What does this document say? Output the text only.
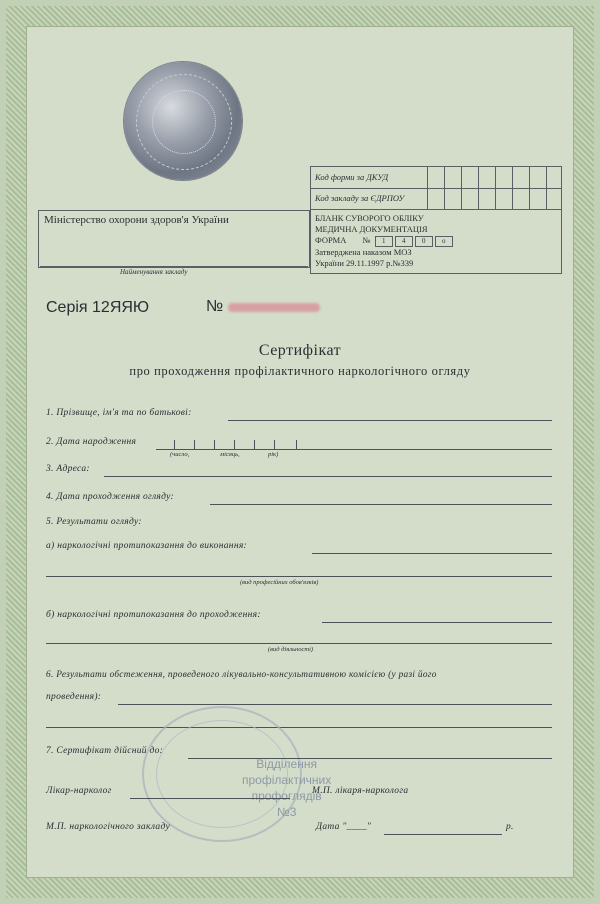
Код форми за ДКУД
Код закладу за ЄДРПОУ
БЛАНК СУВОРОГО ОБЛІКУ
МЕДИЧНА ДОКУМЕНТАЦІЯ
ФОРМА № 1 4 0 о
Затверджена наказом МОЗ
України 29.11.1997 р.№339
Міністерство охорони здоров'я України
Найменування закладу
Серія 12ЯЯЮ	№
Сертифікат
про проходження профілактичного наркологічного огляду
1. Прізвище, ім'я та по батькові:
2. Дата народження
(число,	місяць,	рік)
3. Адреса:
4. Дата проходження огляду:
5. Результати огляду:
а) наркологічні протипоказання до виконання:
(вид професійних обов'язків)
б) наркологічні протипоказання до проходження:
(вид діяльності)
6. Результати обстеження, проведеного лікувально-консультативною комісією (у разі його
проведення):
Відділення
профілактичних
профоглядів
№3
7. Сертифікат дійсний до:
Лікар-нарколог	М.П. лікаря-нарколога
М.П. наркологічного закладу	Дата "____"	р.
